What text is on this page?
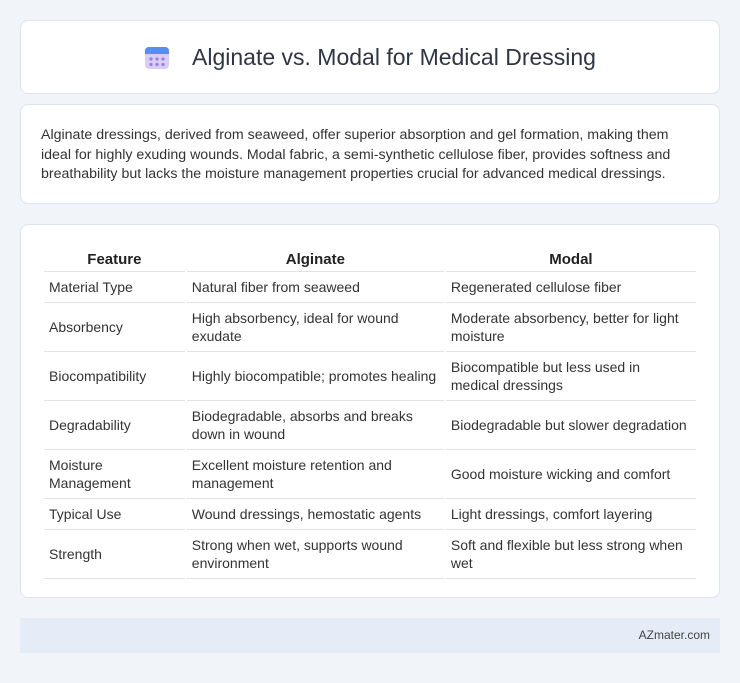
Alginate vs. Modal for Medical Dressing

Alginate dressings, derived from seaweed, offer superior absorption and gel formation, making them ideal for highly exuding wounds. Modal fabric, a semi-synthetic cellulose fiber, provides softness and breathability but lacks the moisture management properties crucial for advanced medical dressings.

Feature	Alginate	Modal
Material Type	Natural fiber from seaweed	Regenerated cellulose fiber
Absorbency	High absorbency, ideal for wound exudate	Moderate absorbency, better for light moisture
Biocompatibility	Highly biocompatible; promotes healing	Biocompatible but less used in medical dressings
Degradability	Biodegradable, absorbs and breaks down in wound	Biodegradable but slower degradation
Moisture Management	Excellent moisture retention and management	Good moisture wicking and comfort
Typical Use	Wound dressings, hemostatic agents	Light dressings, comfort layering
Strength	Strong when wet, supports wound environment	Soft and flexible but less strong when wet
AZmater.com
